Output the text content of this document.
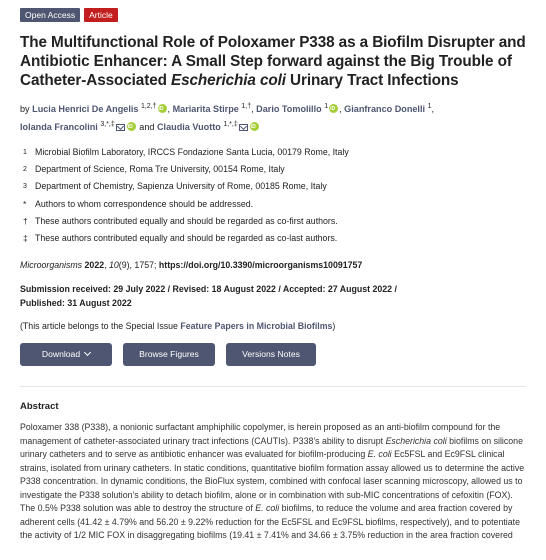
Open Access	Article
The Multifunctional Role of Poloxamer P338 as a Biofilm Disrupter and Antibiotic Enhancer: A Small Step forward against the Big Trouble of Catheter-Associated Escherichia coli Urinary Tract Infections
by Lucia Henrici De Angelis $^{1,2,\dagger}$ iD , Mariarita Stirpe $^{1,\dagger}$, Dario Tomolillo $^1$ iD , Gianfranco Donelli $^1$,
Iolanda Francolini $^{3,*,\ddagger}$iD and Claudia Vuotto $^{1,*,\ddagger}$iD
1 Microbial Biofilm Laboratory, IRCCS Fondazione Santa Lucia, 00179 Rome, Italy
2 Department of Science, Roma Tre University, 00154 Rome, Italy
3 Department of Chemistry, Sapienza University of Rome, 00185 Rome, Italy
* Authors to whom correspondence should be addressed.
† These authors contributed equally and should be regarded as co-first authors.
‡ These authors contributed equally and should be regarded as co-last authors.
Microorganisms 2022, 10(9), 1757; https://doi.org/10.3390/microorganisms10091757
Submission received: 29 July 2022 / Revised: 18 August 2022 / Accepted: 27 August 2022 /
Published: 31 August 2022
(This article belongs to the Special Issue Feature Papers in Microbial Biofilms)
Download	Browse Figures	Versions Notes
Abstract

Poloxamer 338 (P338), a nonionic surfactant amphiphilic copolymer, is herein proposed as an anti-biofilm compound for the management of catheter-associated urinary tract infections (CAUTIs). P338’s ability to disrupt Escherichia coli biofilms on silicone urinary catheters and to serve as antibiotic enhancer was evaluated for biofilm-producing E. coli Ec5FSL and Ec9FSL clinical strains, isolated from urinary catheters. In static conditions, quantitative biofilm formation assay allowed us to determine the active P338 concentration. In dynamic conditions, the BioFlux system, combined with confocal laser scanning microscopy, allowed us to investigate the P338 solution’s ability to detach biofilm, alone or in combination with sub-MIC concentrations of cefoxitin (FOX). The 0.5% P338 solution was able to destroy the structure of E. coli biofilms, to reduce the volume and area fraction covered by adherent cells (41.42 ± 4.79% and 56.20 ± 9.22% reduction for the Ec5FSL and Ec9FSL biofilms, respectively), and to potentiate the activity of 1/2 MIC FOX in disaggregating biofilms (19.41 ± 7.41% and 34.66 ± 3.75% reduction in the area fraction covered
